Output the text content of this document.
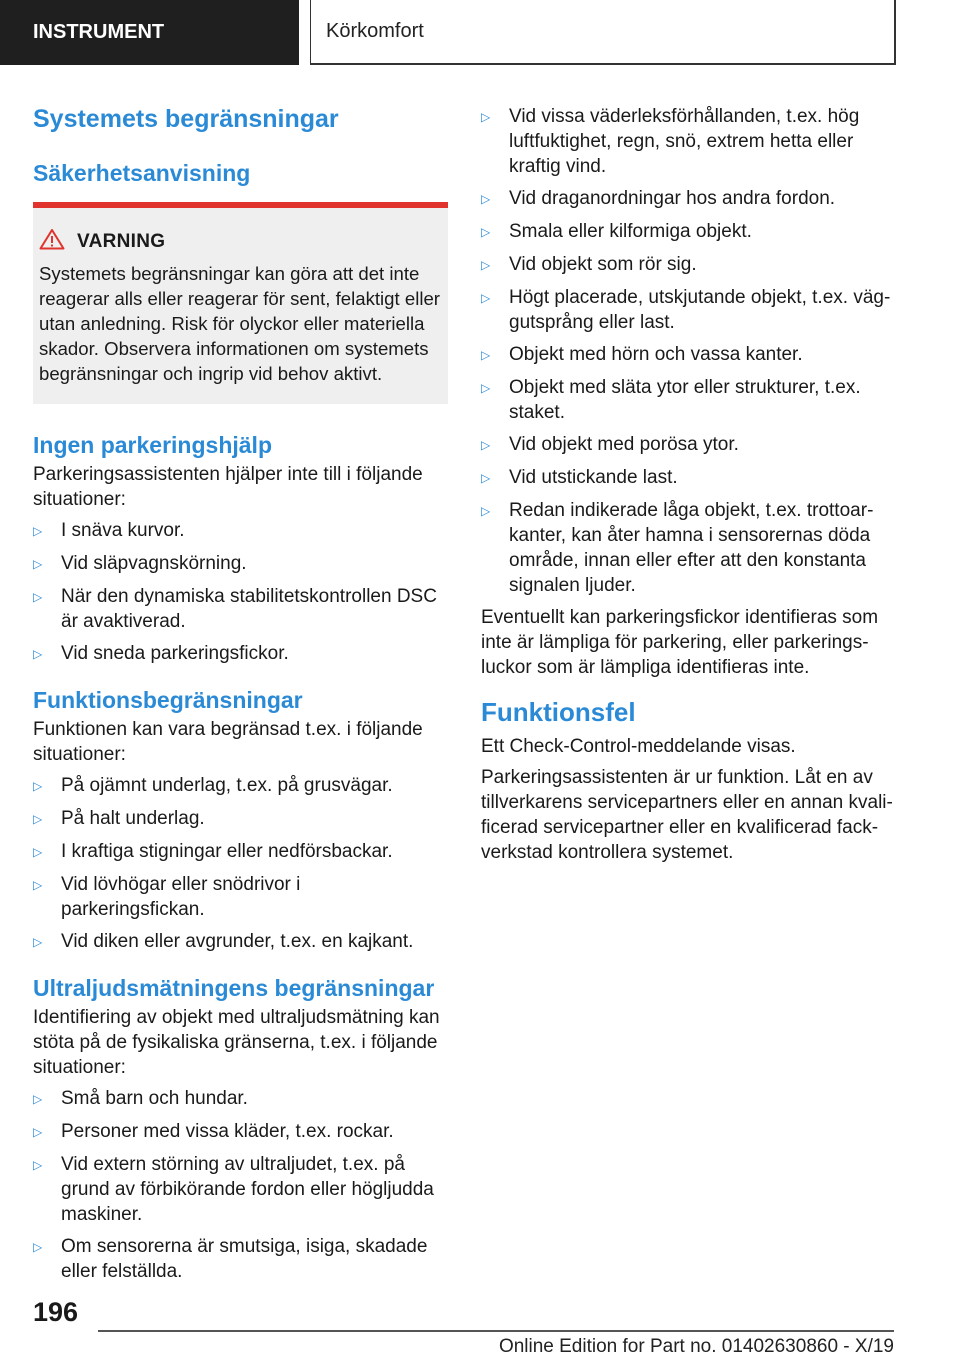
INSTRUMENT	Körkomfort
Systemets begränsningar
Säkerhetsanvisning
VARNING
Systemets begränsningar kan göra att det inte reagerar alls eller reagerar för sent, felaktigt eller utan anledning. Risk för olyckor eller materiella skador. Observera informationen om systemets begränsningar och ingrip vid behov aktivt.
Ingen parkeringshjälp

Parkeringsassistenten hjälper inte till i följande situationer:

▷ I snäva kurvor.
▷ Vid släpvagnskörning.
▷ När den dynamiska stabilitetskontrollen DSC är avaktiverad.
▷ Vid sneda parkeringsfickor.
Funktionsbegränsningar

Funktionen kan vara begränsad t.ex. i följande situationer:

▷ På ojämnt underlag, t.ex. på grusvägar.
▷ På halt underlag.
▷ I kraftiga stigningar eller nedförsbackar.
▷ Vid lövhögar eller snödrivor i parkeringsfickan.
▷ Vid diken eller avgrunder, t.ex. en kajkant.
Ultraljudsmätningens begränsningar

Identifiering av objekt med ultraljudsmätning kan stöta på de fysikaliska gränserna, t.ex. i följande situationer:

▷ Små barn och hundar.
▷ Personer med vissa kläder, t.ex. rockar.
▷ Vid extern störning av ultraljudet, t.ex. på grund av förbikörande fordon eller högljudda maskiner.
▷ Om sensorerna är smutsiga, isiga, skadade eller felställda.
▷ Vid vissa väderleksförhållanden, t.ex. hög luftfuktighet, regn, snö, extrem hetta eller kraftig vind.
▷ Vid draganordningar hos andra fordon.
▷ Smala eller kilformiga objekt.
▷ Vid objekt som rör sig.
▷ Högt placerade, utskjutande objekt, t.ex. väggutsprång eller last.
▷ Objekt med hörn och vassa kanter.
▷ Objekt med släta ytor eller strukturer, t.ex. staket.
▷ Vid objekt med porösa ytor.
▷ Vid utstickande last.
▷ Redan indikerade låga objekt, t.ex. trottoarkanter, kan åter hamna i sensorernas döda område, innan eller efter att den konstanta signalen ljuder.

Eventuellt kan parkeringsfickor identifieras som inte är lämpliga för parkering, eller parkeringsluckor som är lämpliga identifieras inte.

Funktionsfel

Ett Check-Control-meddelande visas.

Parkeringsassistenten är ur funktion. Låt en av tillverkarens servicepartners eller en annan kvalificerad servicepartner eller en kvalificerad fackverkstad kontrollera systemet.

196
Online Edition for Part no. 01402630860 - X/19
